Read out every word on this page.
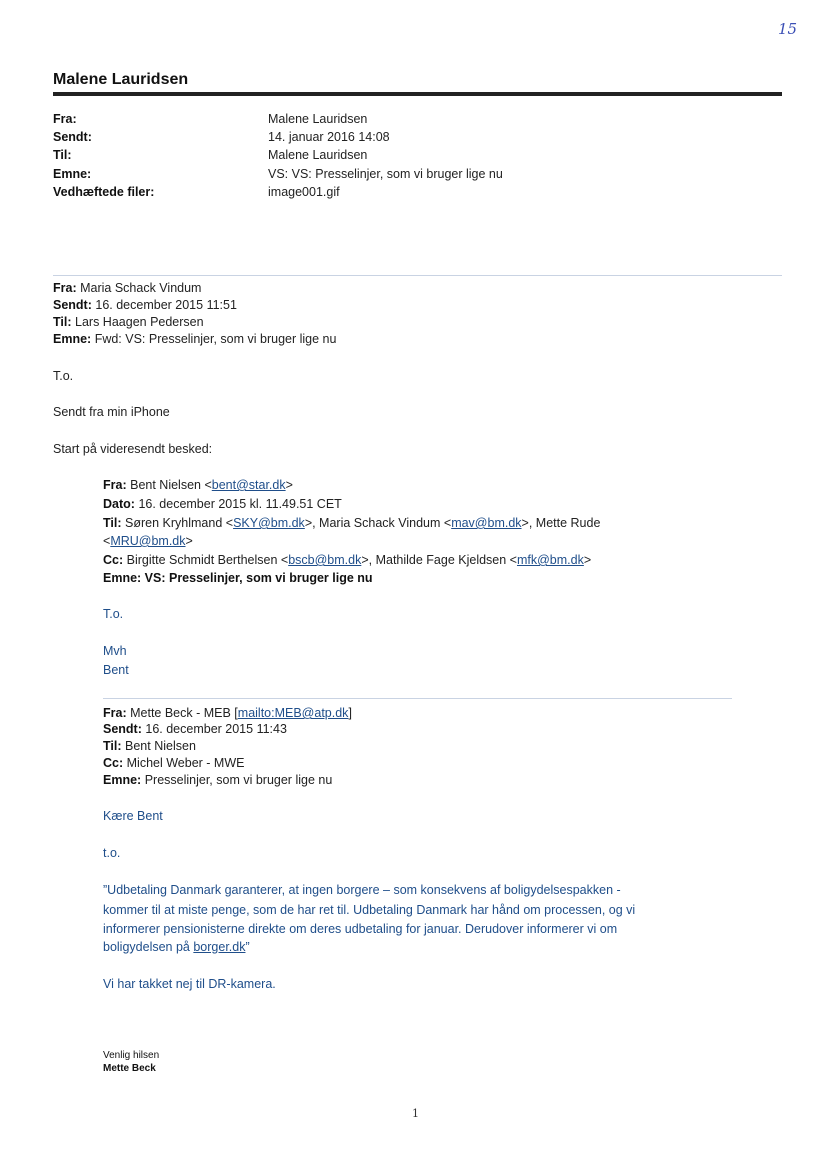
15
Malene Lauridsen
Fra:
Sendt:
Til:
Emne:
Vedhæftede filer:
Malene Lauridsen
14. januar 2016 14:08
Malene Lauridsen
VS: VS: Presselinjer, som vi bruger lige nu
image001.gif
Fra: Maria Schack Vindum
Sendt: 16. december 2015 11:51
Til: Lars Haagen Pedersen
Emne: Fwd: VS: Presselinjer, som vi bruger lige nu
T.o.
Sendt fra min iPhone
Start på videresendt besked:
Fra: Bent Nielsen <bent@star.dk>
Dato: 16. december 2015 kl. 11.49.51 CET
Til: Søren Kryhlmand <SKY@bm.dk>, Maria Schack Vindum <mav@bm.dk>, Mette Rude
<MRU@bm.dk>
Cc: Birgitte Schmidt Berthelsen <bscb@bm.dk>, Mathilde Fage Kjeldsen <mfk@bm.dk>
Emne: VS: Presselinjer, som vi bruger lige nu
T.o.
Mvh
Bent
Fra: Mette Beck - MEB [mailto:MEB@atp.dk]
Sendt: 16. december 2015 11:43
Til: Bent Nielsen
Cc: Michel Weber - MWE
Emne: Presselinjer, som vi bruger lige nu
Kære Bent
t.o.
”Udbetaling Danmark garanterer, at ingen borgere – som konsekvens af boligydelsespakken -
kommer til at miste penge, som de har ret til. Udbetaling Danmark har hånd om processen, og vi
informerer pensionisterne direkte om deres udbetaling for januar. Derudover informerer vi om
boligydelsen på borger.dk”
Vi har takket nej til DR-kamera.
Venlig hilsen
Mette Beck
1
